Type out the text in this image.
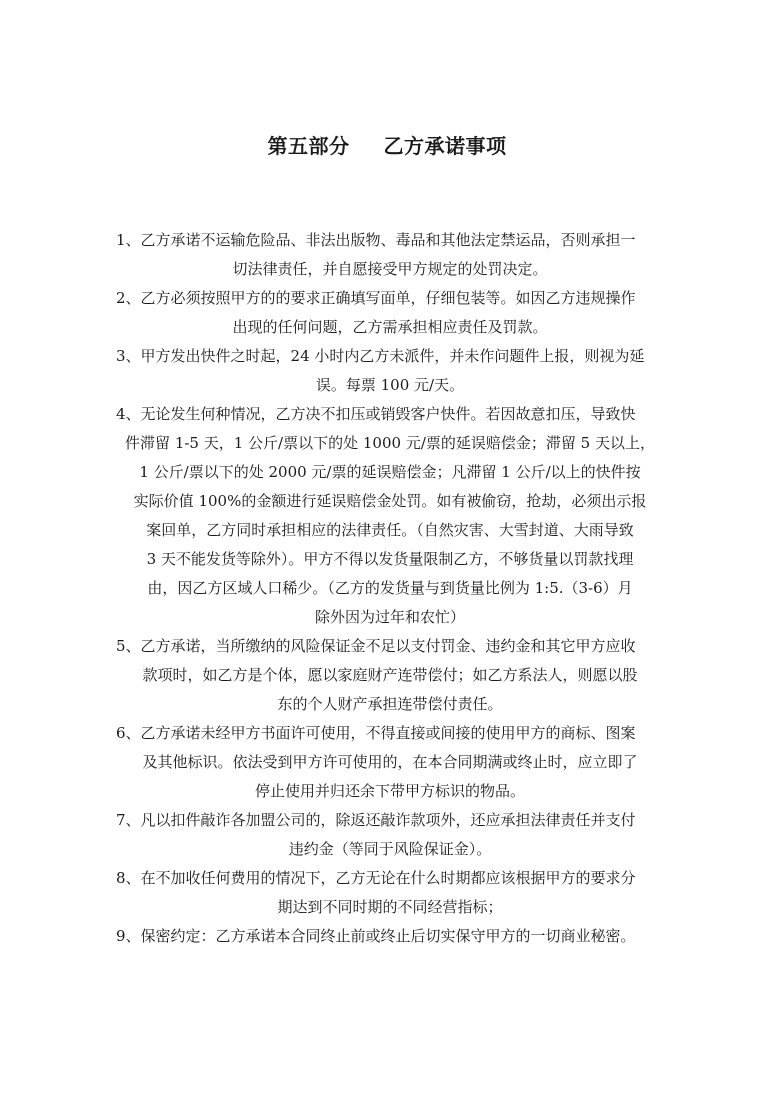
第五部分 乙方承诺事项
1、乙方承诺不运输危险品、非法出版物、毒品和其他法定禁运品，否则承担一
切法律责任，并自愿接受甲方规定的处罚决定。
2、乙方必须按照甲方的的要求正确填写面单，仔细包装等。如因乙方违规操作
出现的任何问题，乙方需承担相应责任及罚款。
3、甲方发出快件之时起，24 小时内乙方未派件，并未作问题件上报，则视为延
误。每票 100 元/天。
4、无论发生何种情况，乙方决不扣压或销毁客户快件。若因故意扣压，导致快
件滞留 1-5 天，1 公斤/票以下的处 1000 元/票的延误赔偿金；滞留 5 天以上，
1 公斤/票以下的处 2000 元/票的延误赔偿金；凡滞留 1 公斤/以上的快件按
实际价值 100%的金额进行延误赔偿金处罚。如有被偷窃，抢劫，必须出示报
案回单，乙方同时承担相应的法律责任。（自然灾害、大雪封道、大雨导致
3 天不能发货等除外）。甲方不得以发货量限制乙方，不够货量以罚款找理
由，因乙方区域人口稀少。（乙方的发货量与到货量比例为 1:5.（3-6）月
除外因为过年和农忙）
5、乙方承诺，当所缴纳的风险保证金不足以支付罚金、违约金和其它甲方应收
款项时，如乙方是个体，愿以家庭财产连带偿付；如乙方系法人，则愿以股
东的个人财产承担连带偿付责任。
6、乙方承诺未经甲方书面许可使用，不得直接或间接的使用甲方的商标、图案
及其他标识。依法受到甲方许可使用的，在本合同期满或终止时，应立即了
停止使用并归还余下带甲方标识的物品。
7、凡以扣件敲诈各加盟公司的，除返还敲诈款项外，还应承担法律责任并支付
违约金（等同于风险保证金）。
8、在不加收任何费用的情况下，乙方无论在什么时期都应该根据甲方的要求分
期达到不同时期的不同经营指标；
9、保密约定：乙方承诺本合同终止前或终止后切实保守甲方的一切商业秘密。
